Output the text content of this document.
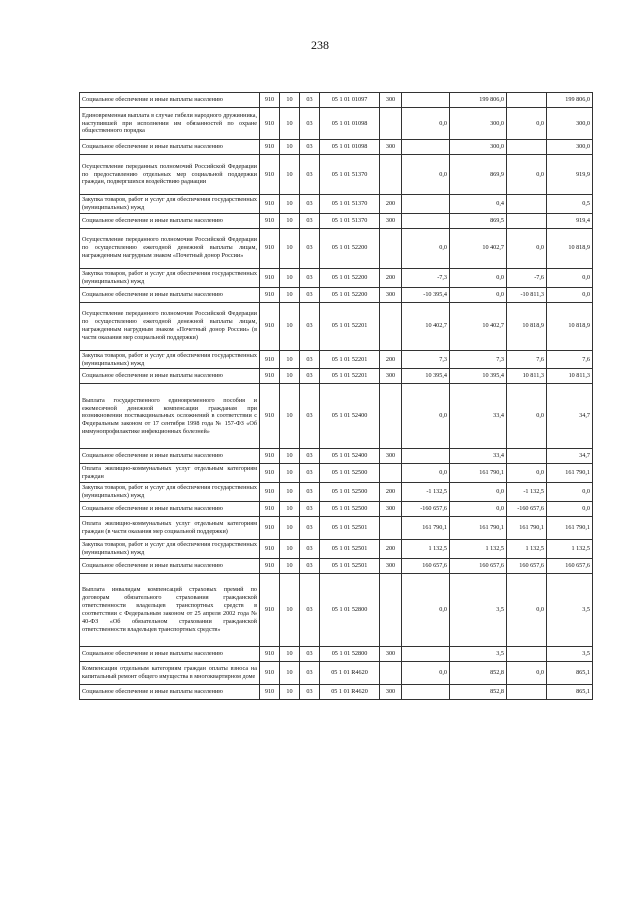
238
Социальное обеспечение и иные выплаты населению	910	10	03	05 1 01 01097	300		199 806,0		199 806,0
Единовременная выплата в случае гибели народного дружинника, наступившей при исполнении им обязанностей по охране общественного порядка	910	10	03	05 1 01 01098		0,0	300,0	0,0	300,0
Социальное обеспечение и иные выплаты населению	910	10	03	05 1 01 01098	300		300,0		300,0
Осуществление переданных полномочий Российской Федерации по предоставлению отдельных мер социальной поддержки граждан, подвергшихся воздействию радиации	910	10	03	05 1 01 51370		0,0	869,9	0,0	919,9
Закупка товаров, работ и услуг для обеспечения государственных (муниципальных) нужд	910	10	03	05 1 01 51370	200		0,4		0,5
Социальное обеспечение и иные выплаты населению	910	10	03	05 1 01 51370	300		869,5		919,4
Осуществление переданного полномочия Российской Федерации по осуществлению ежегодной денежной выплаты лицам, награжденным нагрудным знаком «Почетный донор России»	910	10	03	05 1 01 52200		0,0	10 402,7	0,0	10 818,9
Закупка товаров, работ и услуг для обеспечения государственных (муниципальных) нужд	910	10	03	05 1 01 52200	200	-7,3	0,0	-7,6	0,0
Социальное обеспечение и иные выплаты населению	910	10	03	05 1 01 52200	300	-10 395,4	0,0	-10 811,3	0,0
Осуществление переданного полномочия Российской Федерации по осуществлению ежегодной денежной выплаты лицам, награжденным нагрудным знаком «Почетный донор России» (в части оказания мер социальной поддержки)	910	10	03	05 1 01 52201		10 402,7	10 402,7	10 818,9	10 818,9
Закупка товаров, работ и услуг для обеспечения государственных (муниципальных) нужд	910	10	03	05 1 01 52201	200	7,3	7,3	7,6	7,6
Социальное обеспечение и иные выплаты населению	910	10	03	05 1 01 52201	300	10 395,4	10 395,4	10 811,3	10 811,3
Выплата государственного единовременного пособия и ежемесячной денежной компенсации гражданам при возникновении поствакцинальных осложнений в соответствии с Федеральным законом от 17 сентября 1998 года № 157-ФЗ «Об иммунопрофилактике инфекционных болезней»	910	10	03	05 1 01 52400		0,0	33,4	0,0	34,7
Социальное обеспечение и иные выплаты населению	910	10	03	05 1 01 52400	300		33,4		34,7
Оплата жилищно-коммунальных услуг отдельным категориям граждан	910	10	03	05 1 01 52500		0,0	161 790,1	0,0	161 790,1
Закупка товаров, работ и услуг для обеспечения государственных (муниципальных) нужд	910	10	03	05 1 01 52500	200	-1 132,5	0,0	-1 132,5	0,0
Социальное обеспечение и иные выплаты населению	910	10	03	05 1 01 52500	300	-160 657,6	0,0	-160 657,6	0,0
Оплата жилищно-коммунальных услуг отдельным категориям граждан (в части оказания мер социальной поддержки)	910	10	03	05 1 01 52501		161 790,1	161 790,1	161 790,1	161 790,1
Закупка товаров, работ и услуг для обеспечения государственных (муниципальных) нужд	910	10	03	05 1 01 52501	200	1 132,5	1 132,5	1 132,5	1 132,5
Социальное обеспечение и иные выплаты населению	910	10	03	05 1 01 52501	300	160 657,6	160 657,6	160 657,6	160 657,6
Выплата инвалидам компенсаций страховых премий по договорам обязательного страхования гражданской ответственности владельцев транспортных средств в соответствии с Федеральным законом от 25 апреля 2002 года № 40-ФЗ «Об обязательном страховании гражданской ответственности владельцев транспортных средств»	910	10	03	05 1 01 52800		0,0	3,5	0,0	3,5
Социальное обеспечение и иные выплаты населению	910	10	03	05 1 01 52800	300		3,5		3,5
Компенсация отдельным категориям граждан оплаты взноса на капитальный ремонт общего имущества в многоквартирном доме	910	10	03	05 1 01 R4620		0,0	852,8	0,0	865,1
Социальное обеспечение и иные выплаты населению	910	10	03	05 1 01 R4620	300		852,8		865,1
